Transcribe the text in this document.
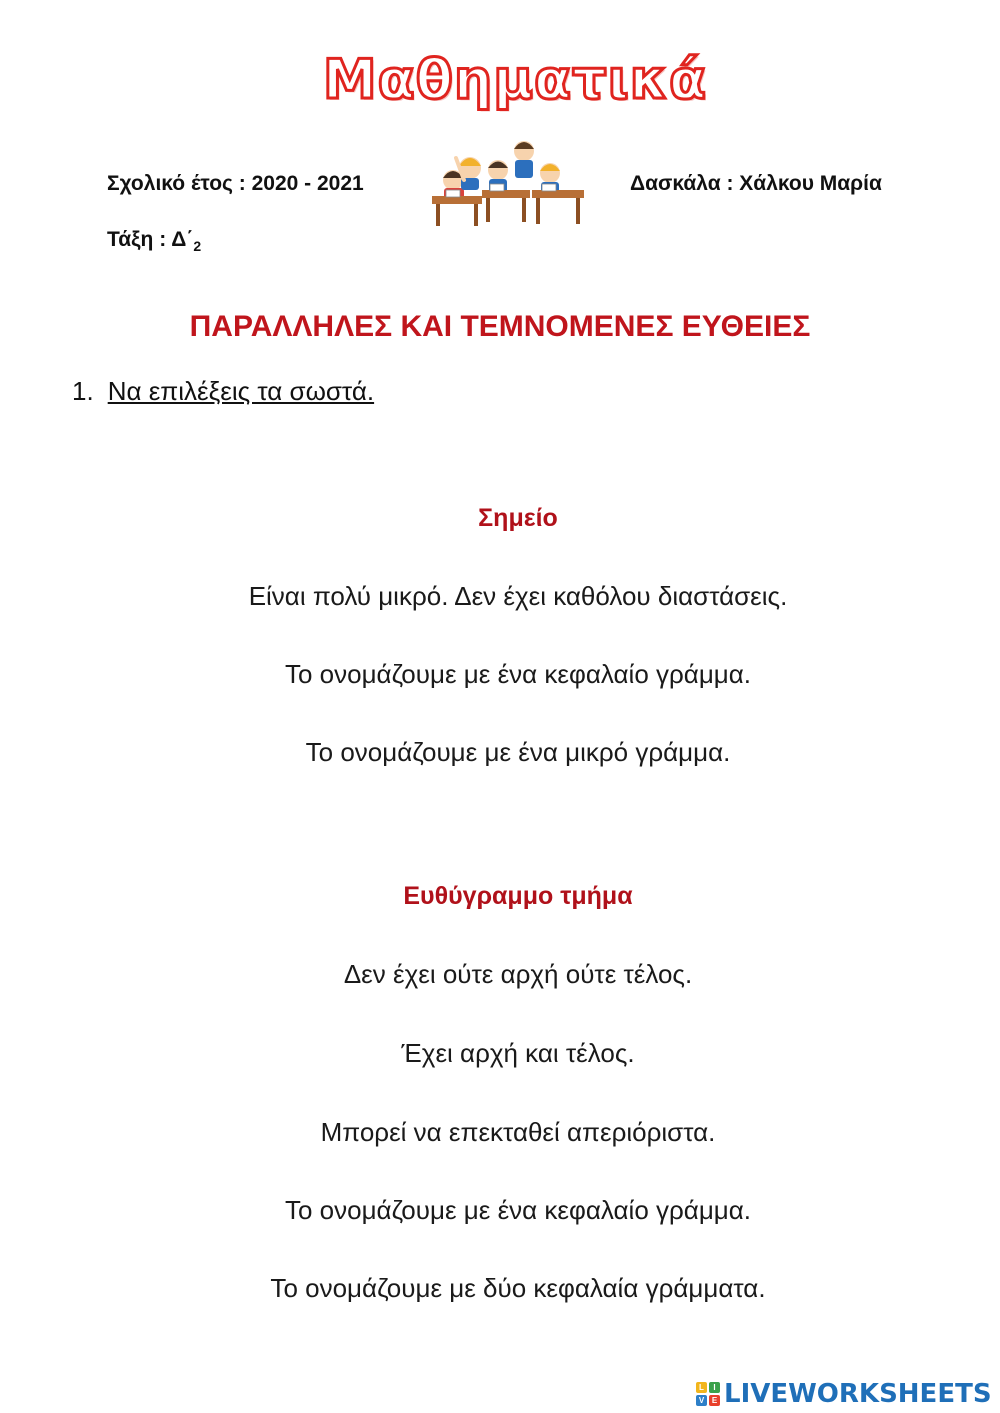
Μαθηματικά
Σχολικό έτος : 2020 - 2021	Δασκάλα : Χάλκου Μαρία
Τάξη : $\Delta΄_2$
ΠΑΡΑΛΛΗΛΕΣ ΚΑΙ ΤΕΜΝΟΜΕΝΕΣ ΕΥΘΕΙΕΣ
1. Να επιλέξεις τα σωστά.
Σημείο
Είναι πολύ μικρό. Δεν έχει καθόλου διαστάσεις.
Το ονομάζουμε με ένα κεφαλαίο γράμμα.
Το ονομάζουμε με ένα μικρό γράμμα.
Ευθύγραμμο τμήμα
Δεν έχει ούτε αρχή ούτε τέλος.
Έχει αρχή και τέλος.
Μπορεί να επεκταθεί απεριόριστα.
Το ονομάζουμε με ένα κεφαλαίο γράμμα.
Το ονομάζουμε με δύο κεφαλαία γράμματα.
L	I
V E LIVEWORKSHEETS
